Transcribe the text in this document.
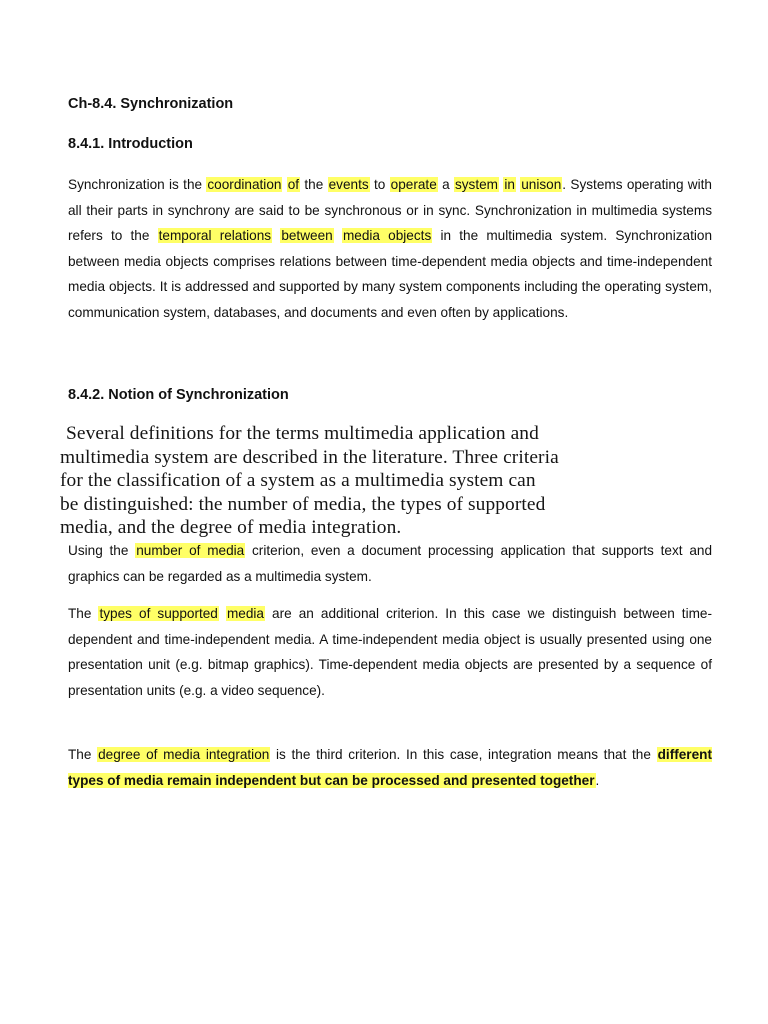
Ch-8.4. Synchronization
8.4.1. Introduction

Synchronization is the coordination of the events to operate a system in unison. Systems operating with all their parts in synchrony are said to be synchronous or in sync. Synchronization in multimedia systems refers to the temporal relations between media objects in the multimedia system. Synchronization between media objects comprises relations between time-dependent media objects and time-independent media objects. It is addressed and supported by many system components including the operating system, communication system, databases, and documents and even often by applications.

8.4.2. Notion of Synchronization
Several definitions for the terms multimedia application and
multimedia system are described in the literature. Three criteria
for the classification of a system as a multimedia system can
be distinguished: the number of media, the types of supported
media, and the degree of media integration.

Using the number of media criterion, even a document processing application that supports text and graphics can be regarded as a multimedia system.

The types of supported media are an additional criterion. In this case we distinguish between time-dependent and time-independent media. A time-independent media object is usually presented using one presentation unit (e.g. bitmap graphics). Time-dependent media objects are presented by a sequence of presentation units (e.g. a video sequence).

The degree of media integration is the third criterion. In this case, integration means that the different types of media remain independent but can be processed and presented together.
